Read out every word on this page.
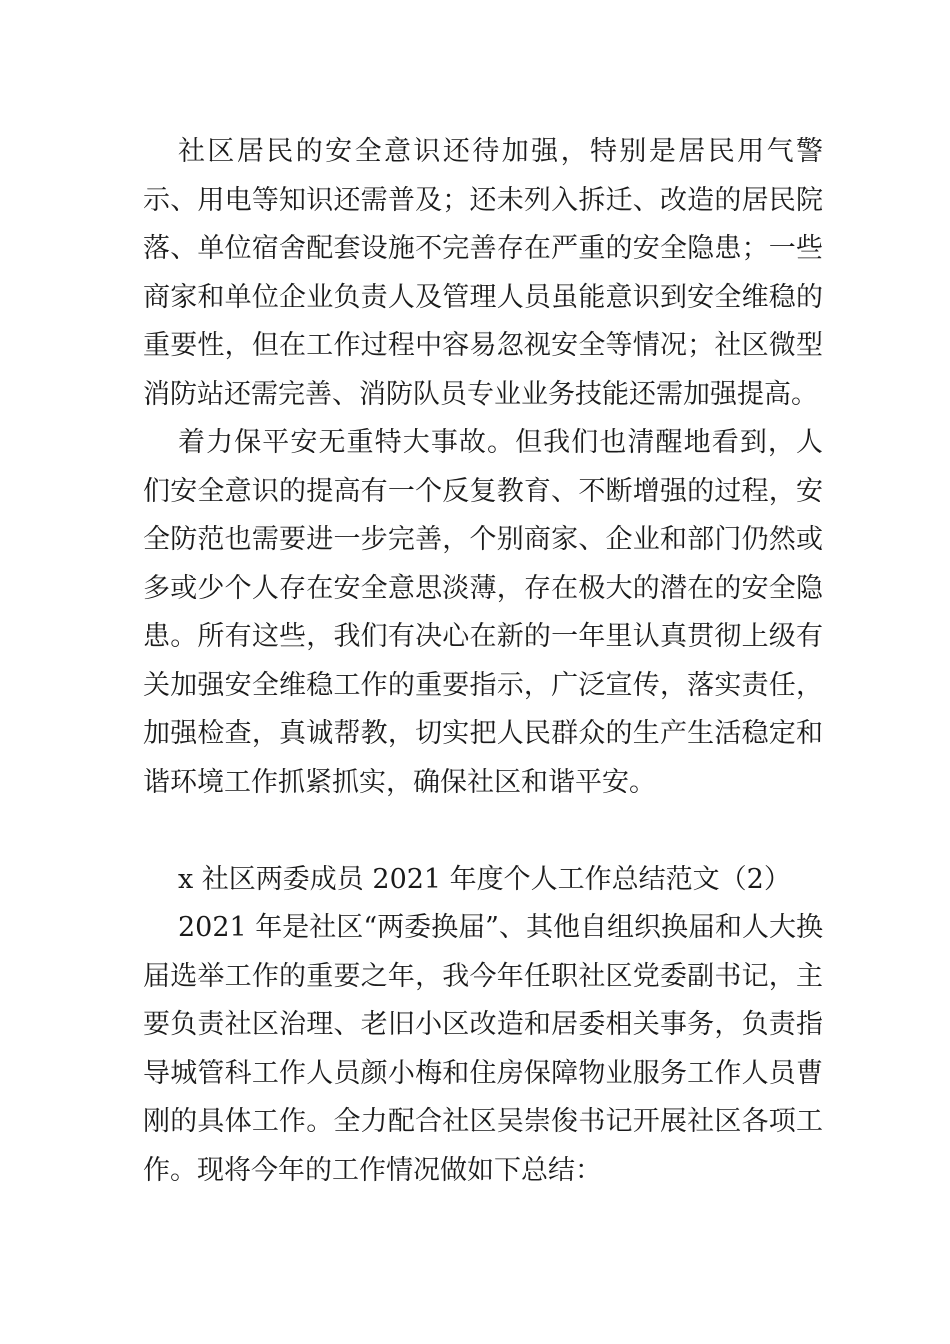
社区居民的安全意识还待加强，特别是居民用气警示、用电等知识还需普及；还未列入拆迁、改造的居民院落、单位宿舍配套设施不完善存在严重的安全隐患；一些商家和单位企业负责人及管理人员虽能意识到安全维稳的重要性，但在工作过程中容易忽视安全等情况；社区微型消防站还需完善、消防队员专业业务技能还需加强提高。

着力保平安无重特大事故。但我们也清醒地看到，人们安全意识的提高有一个反复教育、不断增强的过程，安全防范也需要进一步完善，个别商家、企业和部门仍然或多或少个人存在安全意思淡薄，存在极大的潜在的安全隐患。所有这些，我们有决心在新的一年里认真贯彻上级有关加强安全维稳工作的重要指示，广泛宣传，落实责任，加强检查，真诚帮教，切实把人民群众的生产生活稳定和谐环境工作抓紧抓实，确保社区和谐平安。

x 社区两委成员 2021 年度个人工作总结范文（2）

2021 年是社区“两委换届”、其他自组织换届和人大换届选举工作的重要之年，我今年任职社区党委副书记，主要负责社区治理、老旧小区改造和居委相关事务，负责指导城管科工作人员颜小梅和住房保障物业服务工作人员曹刚的具体工作。全力配合社区吴崇俊书记开展社区各项工作。现将今年的工作情况做如下总结：
